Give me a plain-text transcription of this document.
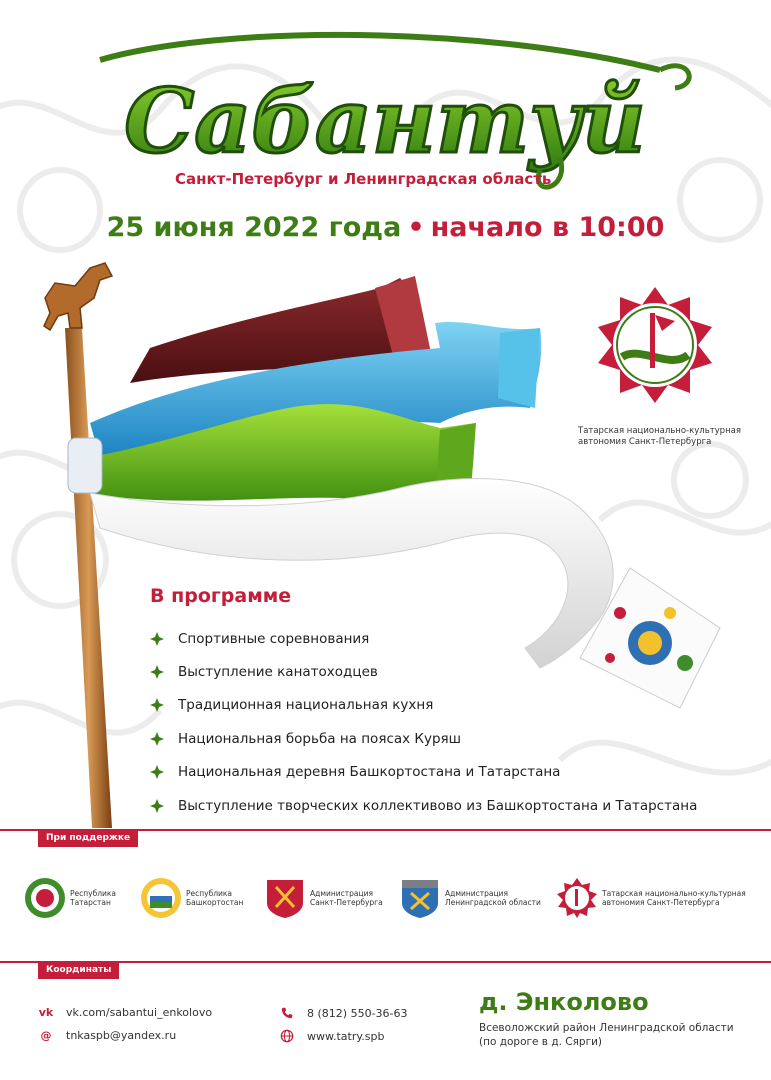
Сабантуй
Санкт-Петербург и Ленинградская область
25 июня 2022 года • начало в 10:00
Татарская национально-культурная
автономия Санкт-Петербурга
В программе
Спортивные соревнования
Выступление канатоходцев
Традиционная национальная кухня
Национальная борьба на поясах Куряш
Национальная деревня Башкортостана и Татарстана
Выступление творческих коллективово из Башкортостана и Татарстана
При поддержке
Республика
Татарстан
Республика
Башкортостан
Администрация
Санкт-Петербурга
Администрация
Ленинградской области
Татарская национально-культурная
автономия Санкт-Петербурга
Координаты
vk vk.com/sabantui_enkolovo
@ tnkaspb@yandex.ru
8 (812) 550-36-63
www.tatry.spb
д. Энколово
Всеволожский район Ленинградской области
(по дороге в д. Сярги)
